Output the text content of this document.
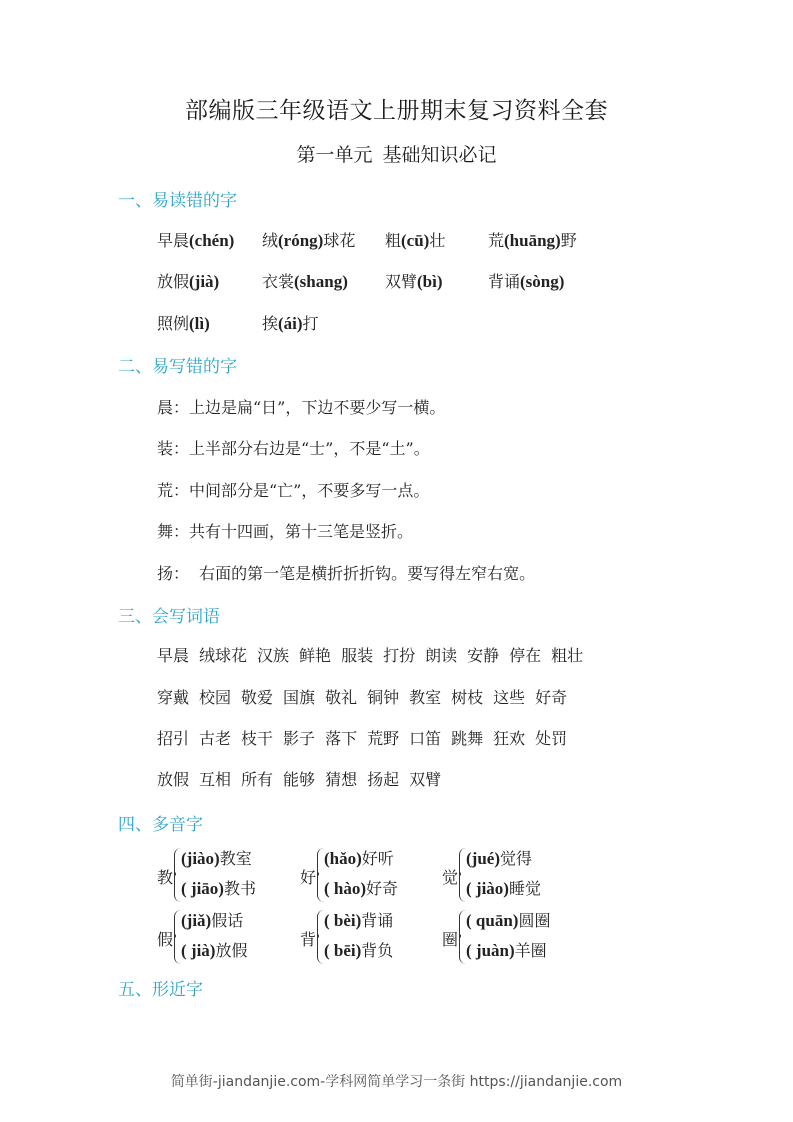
部编版三年级语文上册期末复习资料全套
第一单元 基础知识必记
一、易读错的字
早晨(chén) 绒(róng)球花 粗(cū)壮	荒(huāng)野
放假(jià)	衣裳(shang) 双臂(bì)	背诵(sòng)
照例(lì)	挨(ái)打
二、易写错的字
晨：上边是扁“日”，下边不要少写一横。
装：上半部分右边是“士”，不是“土”。
荒：中间部分是“亡”，不要多写一点。
舞：共有十四画，第十三笔是竖折。
扬：  右面的第一笔是横折折折钩。要写得左窄右宽。
三、会写词语
早晨 绒球花 汉族 鲜艳 服装 打扮 朗读 安静 停在 粗壮
穿戴 校园 敬爱 国旗 敬礼 铜钟 教室 树枝 这些 好奇
招引 古老 枝干 影子 落下 荒野 口笛 跳舞 狂欢 处罚
放假 互相 所有 能够 猜想 扬起 双臂
四、多音字
教
(jiào)教室
( jiāo)教书
好
(hǎo)好听
( hào)好奇
觉
(jué)觉得
( jiào)睡觉
假
(jiǎ)假话
( jià)放假
背
( bèi)背诵
( bēi)背负
圈
( quān)圆圈
( juàn)羊圈
五、形近字
简单街-jiandanjie.com-学科网简单学习一条街 https://jiandanjie.com
